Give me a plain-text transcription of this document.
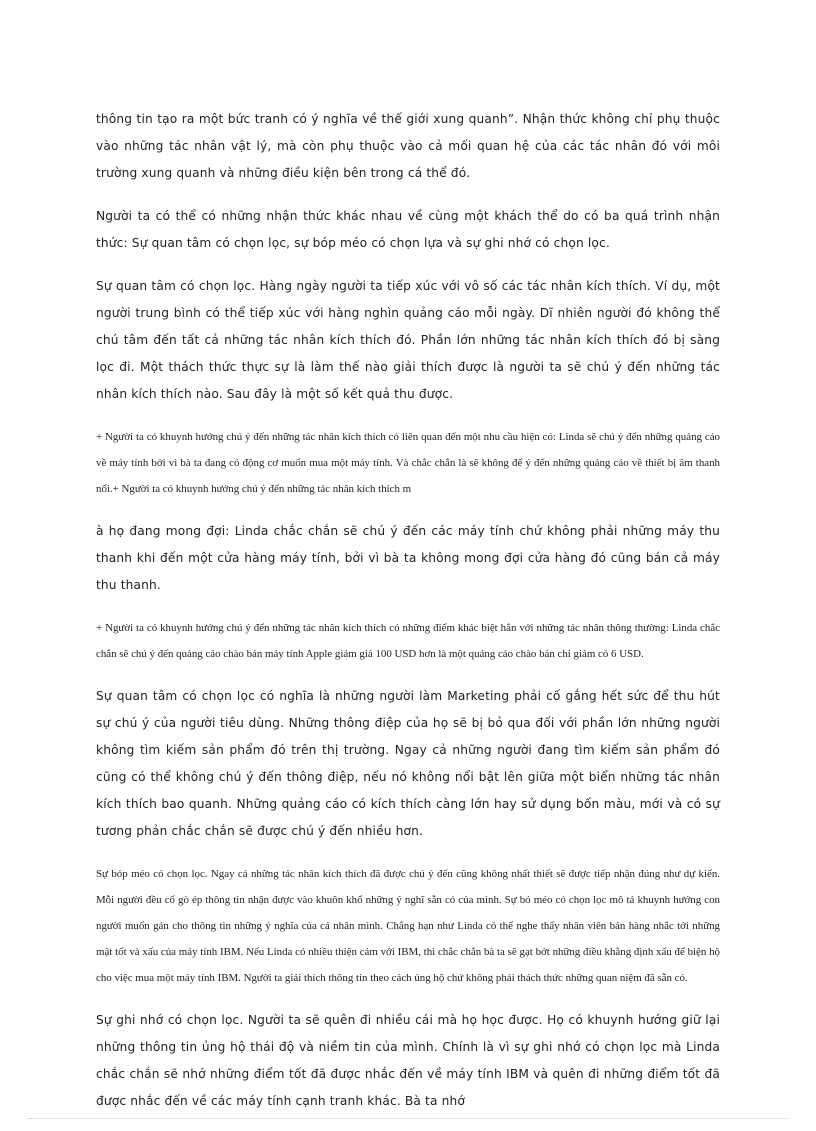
thông tin tạo ra một bức tranh có ý nghĩa về thế giới xung quanh”. Nhận thức không chỉ phụ thuộc vào những tác nhân vật lý, mà còn phụ thuộc vào cả mối quan hệ của các tác nhân đó với môi trường xung quanh và những điều kiện bên trong cá thể đó.

Người ta có thể có những nhận thức khác nhau về cùng một khách thể do có ba quá trình nhận thức: Sự quan tâm có chọn lọc, sự bóp méo có chọn lựa và sự ghi nhớ có chọn lọc.

Sự quan tâm có chọn lọc. Hàng ngày người ta tiếp xúc với vô số các tác nhân kích thích. Ví dụ, một người trung bình có thể tiếp xúc với hàng nghìn quảng cáo mỗi ngày. Dĩ nhiên người đó không thể chú tâm đến tất cả những tác nhân kích thích đó. Phần lớn những tác nhân kích thích đó bị sàng lọc đi. Một thách thức thực sự là làm thế nào giải thích được là người ta sẽ chú ý đến những tác nhân kích thích nào. Sau đây là một số kết quả thu được.

+ Người ta có khuynh hướng chú ý đến những tác nhân kích thích có liên quan đến một nhu cầu hiện có: Linda sẽ chú ý đến những quảng cáo về máy tính bởi vì bà ta đang có động cơ muốn mua một máy tính. Và chắc chắn là sẽ không để ý đến những quảng cáo về thiết bị âm thanh nổi.+ Người ta có khuynh hướng chú ý đến những tác nhân kích thích m

à họ đang mong đợi: Linda chắc chắn sẽ chú ý đến các máy tính chứ không phải những máy thu thanh khi đến một cửa hàng máy tính, bởi vì bà ta không mong đợi cửa hàng đó cũng bán cả máy thu thanh.

+ Người ta có khuynh hướng chú ý đến những tác nhân kích thích có những điểm khác biệt hẳn với những tác nhân thông thường: Linda chắc chắn sẽ chú ý đến quảng cáo chào bán máy tính Apple giảm giá 100 USD hơn là một quảng cáo chào bán chỉ giảm có 6 USD.

Sự quan tâm có chọn lọc có nghĩa là những người làm Marketing phải cố gắng hết sức để thu hút sự chú ý của người tiêu dùng. Những thông điệp của họ sẽ bị bỏ qua đối với phần lớn những người không tìm kiếm sản phẩm đó trên thị trường. Ngay cả những người đang tìm kiếm sản phẩm đó cũng có thể không chú ý đến thông điệp, nếu nó không nổi bật lên giữa một biển những tác nhân kích thích bao quanh. Những quảng cáo có kích thích càng lớn hay sử dụng bốn màu, mới và có sự tương phản chắc chắn sẽ được chú ý đến nhiều hơn.

Sự bóp méo có chọn lọc. Ngay cả những tác nhân kích thích đã được chú ý đến cũng không nhất thiết sẽ được tiếp nhận đúng như dự kiến. Mỗi người đều cố gò ép thông tin nhận được vào khuôn khổ những ý nghĩ sẵn có của mình. Sự bó méo có chọn lọc mô tả khuynh hướng con người muốn gán cho thông tin những ý nghĩa của cá nhân mình. Chẳng hạn như Linda có thể nghe thấy nhân viên bán hàng nhắc tới những mặt tốt và xấu của máy tính IBM. Nếu Linda có nhiều thiện cảm với IBM, thì chắc chắn bà ta sẽ gạt bớt những điều khẳng định xấu để biện hộ cho việc mua một máy tính IBM. Người ta giải thích thông tin theo cách ủng hộ chứ không phải thách thức những quan niệm đã sẵn có.

Sự ghi nhớ có chọn lọc. Người ta sẽ quên đi nhiều cái mà họ học được. Họ có khuynh hướng giữ lại những thông tin ủng hộ thái độ và niềm tin của mình. Chính là vì sự ghi nhớ có chọn lọc mà Linda chắc chắn sẽ nhớ những điểm tốt đã được nhắc đến về máy tính IBM và quên đi những điểm tốt đã được nhắc đến về các máy tính cạnh tranh khác. Bà ta nhớ
